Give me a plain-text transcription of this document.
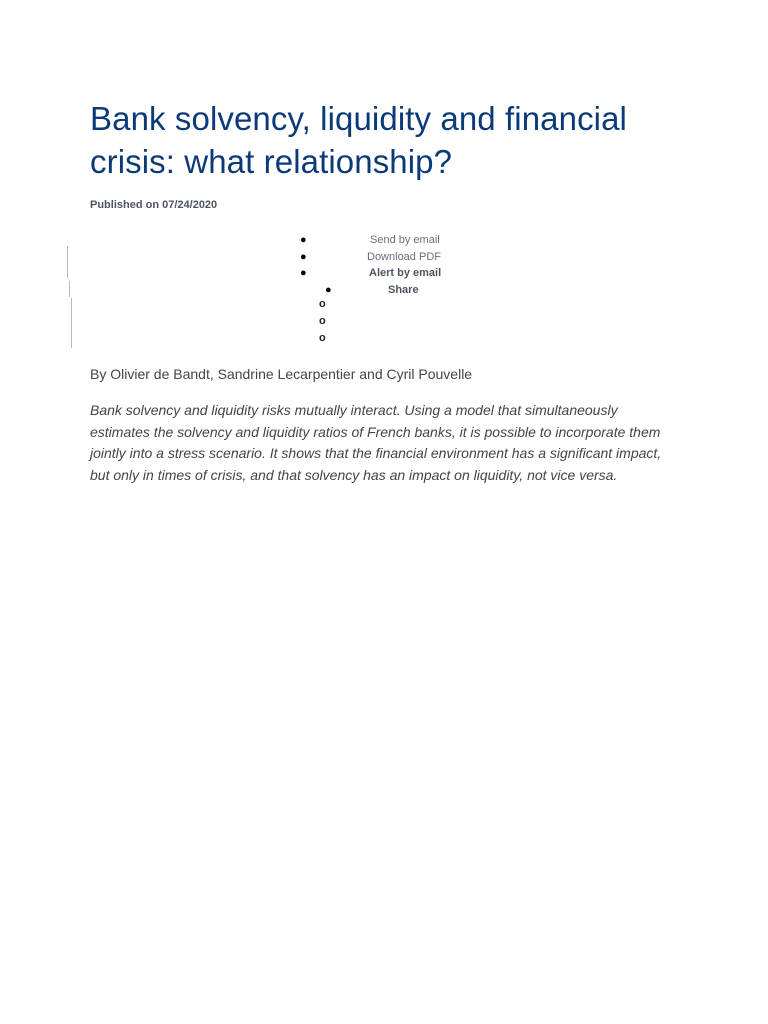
Bank solvency, liquidity and financial crisis: what relationship?
Published on 07/24/2020
●	Send by email
●	Download PDF
●	Alert by email
●	Share
o
o
o
By Olivier de Bandt, Sandrine Lecarpentier and Cyril Pouvelle

Bank solvency and liquidity risks mutually interact. Using a model that simultaneously estimates the solvency and liquidity ratios of French banks, it is possible to incorporate them jointly into a stress scenario. It shows that the financial environment has a significant impact, but only in times of crisis, and that solvency has an impact on liquidity, not vice versa.
